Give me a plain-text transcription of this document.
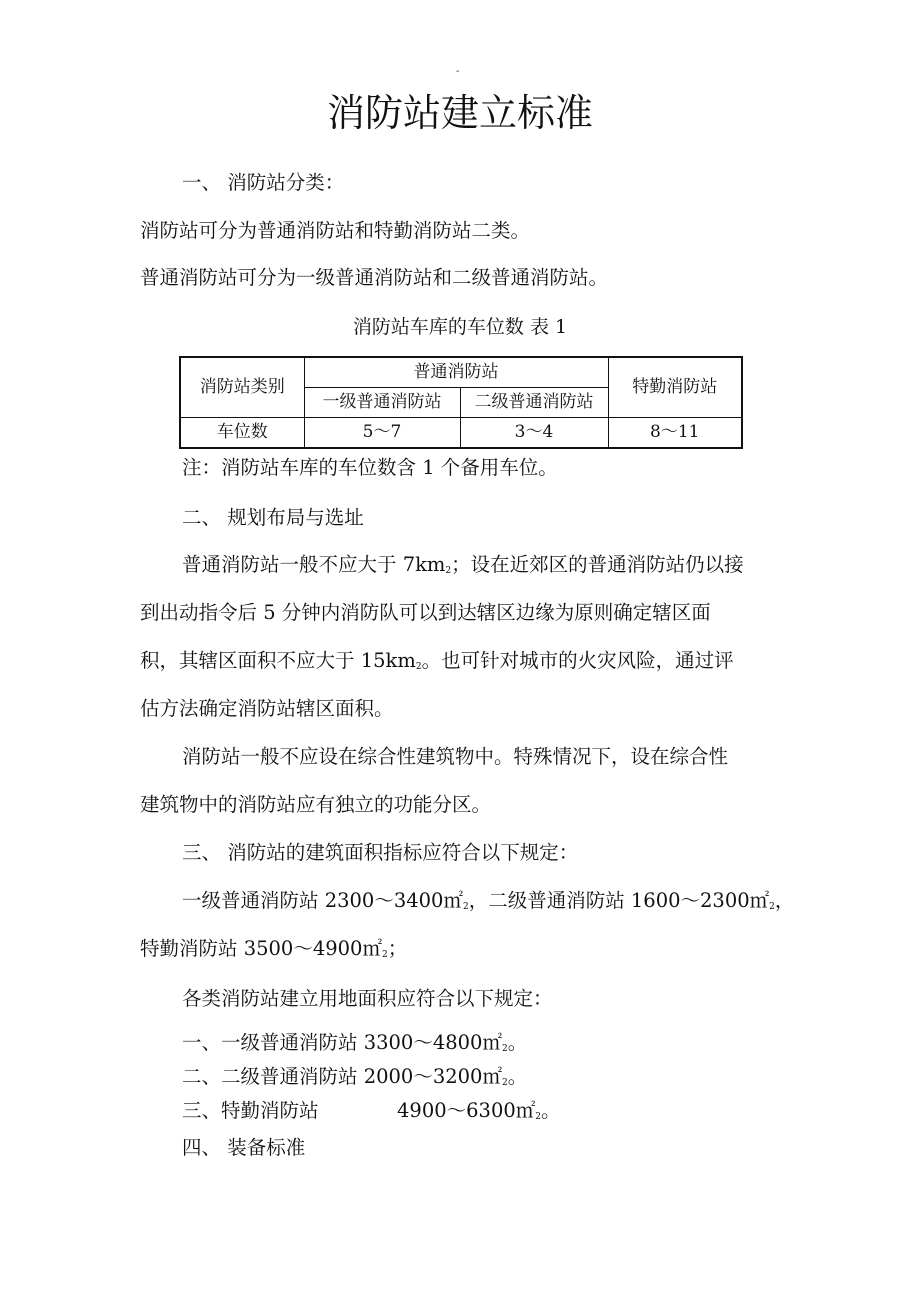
-
消防站建立标准
一、 消防站分类：
消防站可分为普通消防站和特勤消防站二类。
普通消防站可分为一级普通消防站和二级普通消防站。
消防站车库的车位数 表 1
消防站类别	普通消防站		特勤消防站
	一级普通消防站	二级普通消防站	
车位数	5～7	3～4	8～11
注：消防站车库的车位数含 1 个备用车位。
二、 规划布局与选址
普通消防站一般不应大于 $7km_2$；设在近郊区的普通消防站仍以接
到出动指令后 5 分钟内消防队可以到达辖区边缘为原则确定辖区面
积，其辖区面积不应大于 $15km_2$。也可针对城市的火灾风险，通过评
估方法确定消防站辖区面积。
消防站一般不应设在综合性建筑物中。特殊情况下，设在综合性
建筑物中的消防站应有独立的功能分区。
三、 消防站的建筑面积指标应符合以下规定：
一级普通消防站 $2300\sim 3400㎡_2$，二级普通消防站 $1600\sim 2300㎡_2$，
特勤消防站 $3500\sim 4900㎡_2$；
各类消防站建立用地面积应符合以下规定：
一、一级普通消防站 $3300\sim 4800㎡_2$。
二、二级普通消防站 $2000\sim 3200㎡_2$。
三、特勤消防站	$4900\sim 6300㎡_2$。
四、 装备标准
